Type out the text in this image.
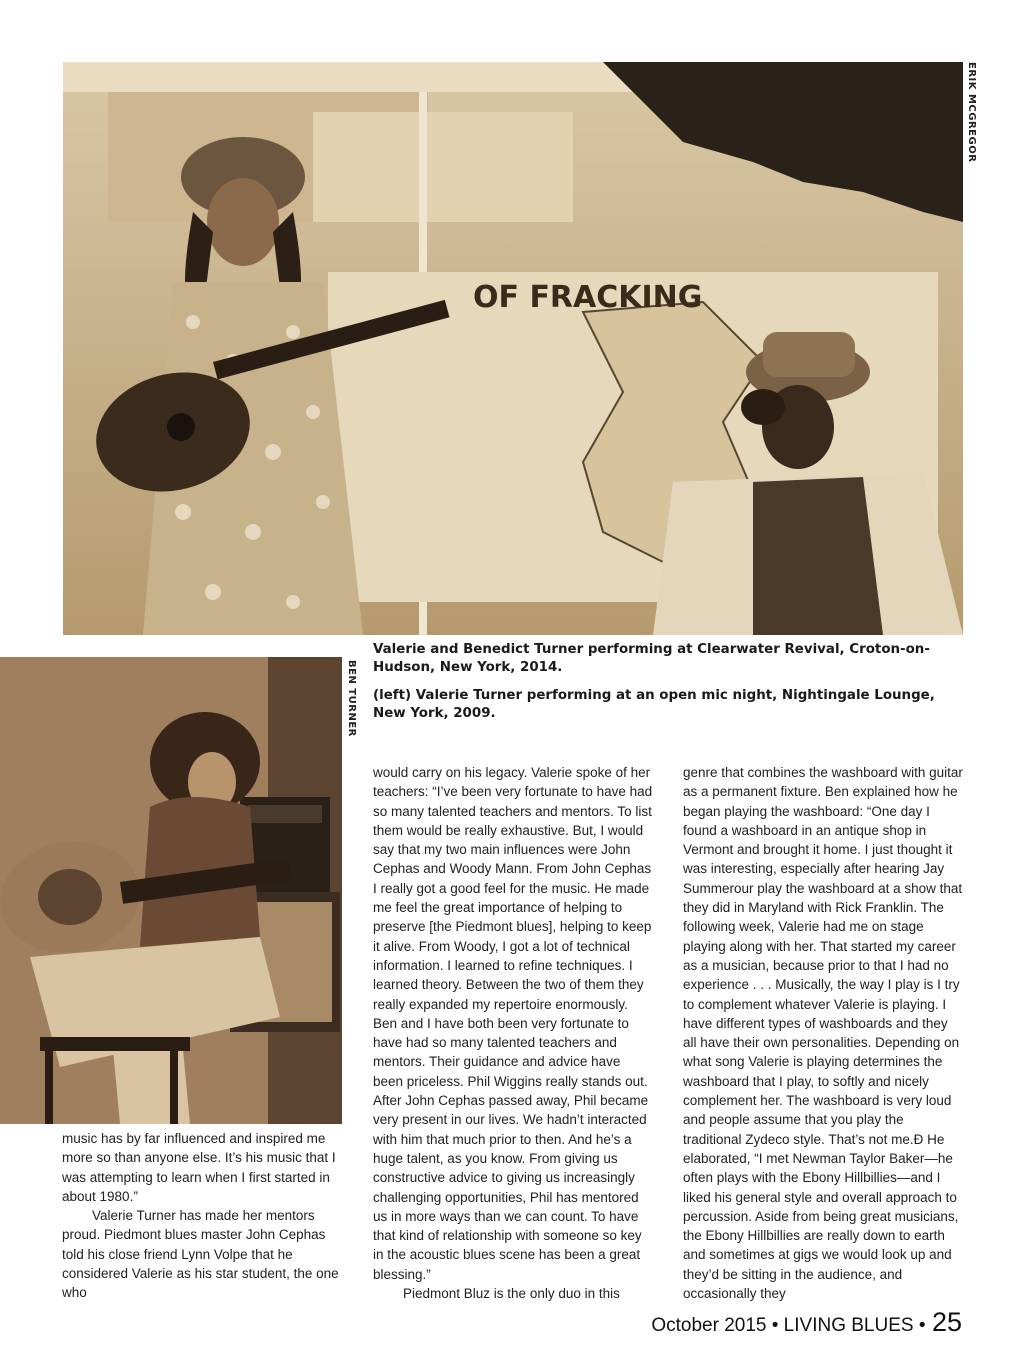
OF FRACKING
ERIK MCGREGOR

Valerie and Benedict Turner performing at Clearwater Revival, Croton-on-Hudson, New York, 2014.

(left) Valerie Turner performing at an open mic night, Nightingale Lounge, New York, 2009.

BEN TURNER

music has by far influenced and inspired me more so than anyone else. It’s his music that I was attempting to learn when I first started in about 1980.”

Valerie Turner has made her mentors proud. Piedmont blues master John Cephas told his close friend Lynn Volpe that he considered Valerie as his star student, the one who

would carry on his legacy. Valerie spoke of her teachers: “I’ve been very fortunate to have had so many talented teachers and mentors. To list them would be really exhaustive. But, I would say that my two main influences were John Cephas and Woody Mann. From John Cephas I really got a good feel for the music. He made me feel the great importance of helping to preserve [the Piedmont blues], helping to keep it alive. From Woody, I got a lot of technical information. I learned to refine techniques. I learned theory. Between the two of them they really expanded my repertoire enormously. Ben and I have both been very fortunate to have had so many talented teachers and mentors. Their guidance and advice have been priceless. Phil Wiggins really stands out. After John Cephas passed away, Phil became very present in our lives. We hadn’t interacted with him that much prior to then. And he’s a huge talent, as you know. From giving us constructive advice to giving us increasingly challenging opportunities, Phil has mentored us in more ways than we can count. To have that kind of relationship with someone so key in the acoustic blues scene has been a great blessing.”

Piedmont Bluz is the only duo in this

genre that combines the washboard with guitar as a permanent fixture. Ben explained how he began playing the washboard: “One day I found a washboard in an antique shop in Vermont and brought it home. I just thought it was interesting, especially after hearing Jay Summerour play the washboard at a show that they did in Maryland with Rick Franklin. The following week, Valerie had me on stage playing along with her. That started my career as a musician, because prior to that I had no experience . . . Musically, the way I play is I try to complement whatever Valerie is playing. I have different types of washboards and they all have their own personalities. Depending on what song Valerie is playing determines the washboard that I play, to softly and nicely complement her. The washboard is very loud and people assume that you play the traditional Zydeco style. That’s not me.Ð He elaborated, “I met Newman Taylor Baker—he often plays with the Ebony Hillbillies—and I liked his general style and overall approach to percussion. Aside from being great musicians, the Ebony Hillbillies are really down to earth and sometimes at gigs we would look up and they’d be sitting in the audience, and occasionally they

October 2015 • LIVING BLUES • 25
